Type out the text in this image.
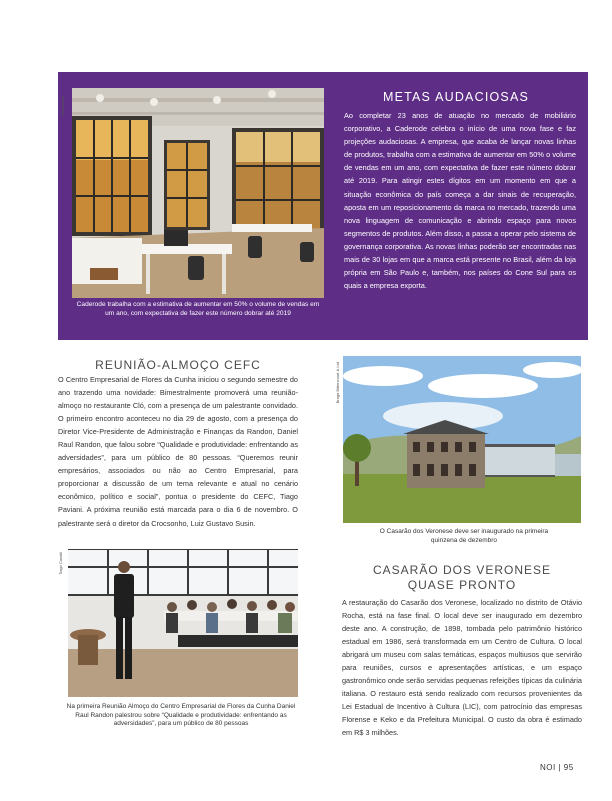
Divulgação
Caderode trabalha com a estimativa de aumentar em 50% o volume de vendas em um ano, com expectativa de fazer este número dobrar até 2019
METAS AUDACIOSAS
Ao completar 23 anos de atuação no mercado de mobiliário corporativo, a Caderode celebra o início de uma nova fase e faz projeções audaciosas. A empresa, que acaba de lançar novas linhas de produtos, trabalha com a estimativa de aumentar em 50% o volume de vendas em um ano, com expectativa de fazer este número dobrar até 2019. Para atingir estes dígitos em um momento em que a situação econômica do país começa a dar sinais de recuperação, aposta em um reposicionamento da marca no mercado, trazendo uma nova linguagem de comunicação e abrindo espaço para novos segmentos de produtos. Além disso, a passa a operar pelo sistema de governança corporativa. As novas linhas poderão ser encontradas nas mais de 30 lojas em que a marca está presente no Brasil, além da loja própria em São Paulo e, também, nos países do Cone Sul para os quais a empresa exporta.
REUNIÃO-ALMOÇO CEFC
O Centro Empresarial de Flores da Cunha iniciou o segundo semestre do ano trazendo uma novidade: Bimestralmente promoverá uma reunião-almoço no restaurante Cló, com a presença de um palestrante convidado. O primeiro encontro aconteceu no dia 29 de agosto, com a presença do Diretor Vice-Presidente de Administração e Finanças da Randon, Daniel Raul Randon, que falou sobre “Qualidade e produtividade: enfrentando as adversidades”, para um público de 80 pessoas. “Queremos reunir empresários, associados ou não ao Centro Empresarial, para proporcionar a discussão de um tema relevante e atual no cenário econômico, político e social”, pontua o presidente do CEFC, Tiago Paviani. A próxima reunião está marcada para o dia 6 de novembro. O palestrante será o diretor da Crocsonho, Luiz Gustavo Susin.
Tiago Cavalli
Na primeira Reunião Almoço do Centro Empresarial de Flores da Cunha Daniel Raul Randon palestrou sobre “Qualidade e produtividade: enfrentando as adversidades”, para um público de 80 pessoas
Braga Bittencourt & Ltd
O Casarão dos Veronese deve ser inaugurado na primeira quinzena de dezembro
CASARÃO DOS VERONESE
QUASE PRONTO
A restauração do Casarão dos Veronese, localizado no distrito de Otávio Rocha, está na fase final. O local deve ser inaugurado em dezembro deste ano. A construção, de 1898, tombada pelo patrimônio histórico estadual em 1986, será transformada em um Centro de Cultura. O local abrigará um museu com salas temáticas, espaços multiusos que servirão para reuniões, cursos e apresentações artísticas, e um espaço gastronômico onde serão servidas pequenas refeições típicas da culinária italiana. O restauro está sendo realizado com recursos provenientes da Lei Estadual de Incentivo à Cultura (LIC), com patrocínio das empresas Florense e Keko e da Prefeitura Municipal. O custo da obra é estimado em R$ 3 milhões.
NOI | 95
